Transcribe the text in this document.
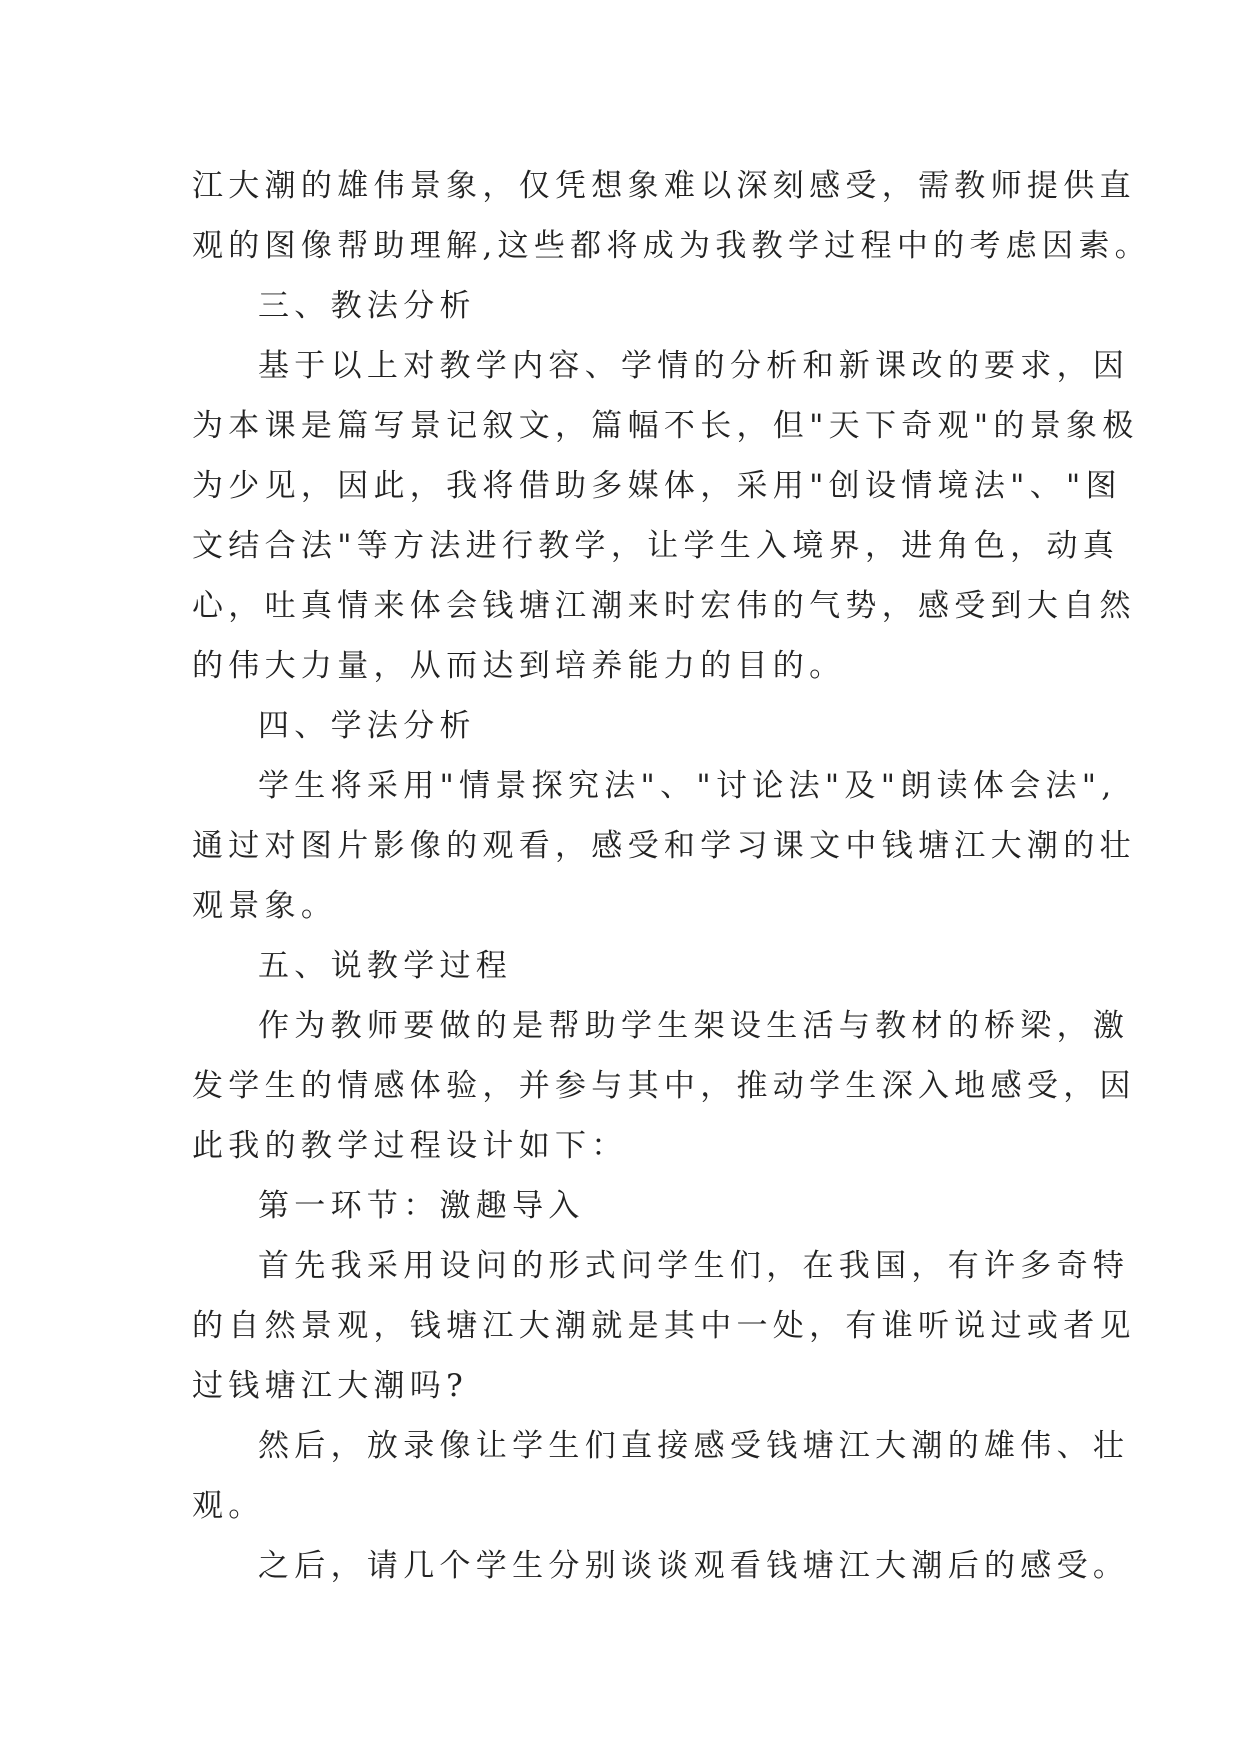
江大潮的雄伟景象，仅凭想象难以深刻感受，需教师提供直
观的图像帮助理解,这些都将成为我教学过程中的考虑因素。
三、教法分析
基于以上对教学内容、学情的分析和新课改的要求，因
为本课是篇写景记叙文，篇幅不长，但"天下奇观"的景象极
为少见，因此，我将借助多媒体，采用"创设情境法"、"图
文结合法"等方法进行教学，让学生入境界，进角色，动真
心，吐真情来体会钱塘江潮来时宏伟的气势，感受到大自然
的伟大力量，从而达到培养能力的目的。
四、学法分析
学生将采用"情景探究法"、"讨论法"及"朗读体会法",
通过对图片影像的观看，感受和学习课文中钱塘江大潮的壮
观景象。
五、说教学过程
作为教师要做的是帮助学生架设生活与教材的桥梁，激
发学生的情感体验，并参与其中，推动学生深入地感受，因
此我的教学过程设计如下：
第一环节：激趣导入
首先我采用设问的形式问学生们，在我国，有许多奇特
的自然景观，钱塘江大潮就是其中一处，有谁听说过或者见
过钱塘江大潮吗?
然后，放录像让学生们直接感受钱塘江大潮的雄伟、壮
观。
之后，请几个学生分别谈谈观看钱塘江大潮后的感受。
